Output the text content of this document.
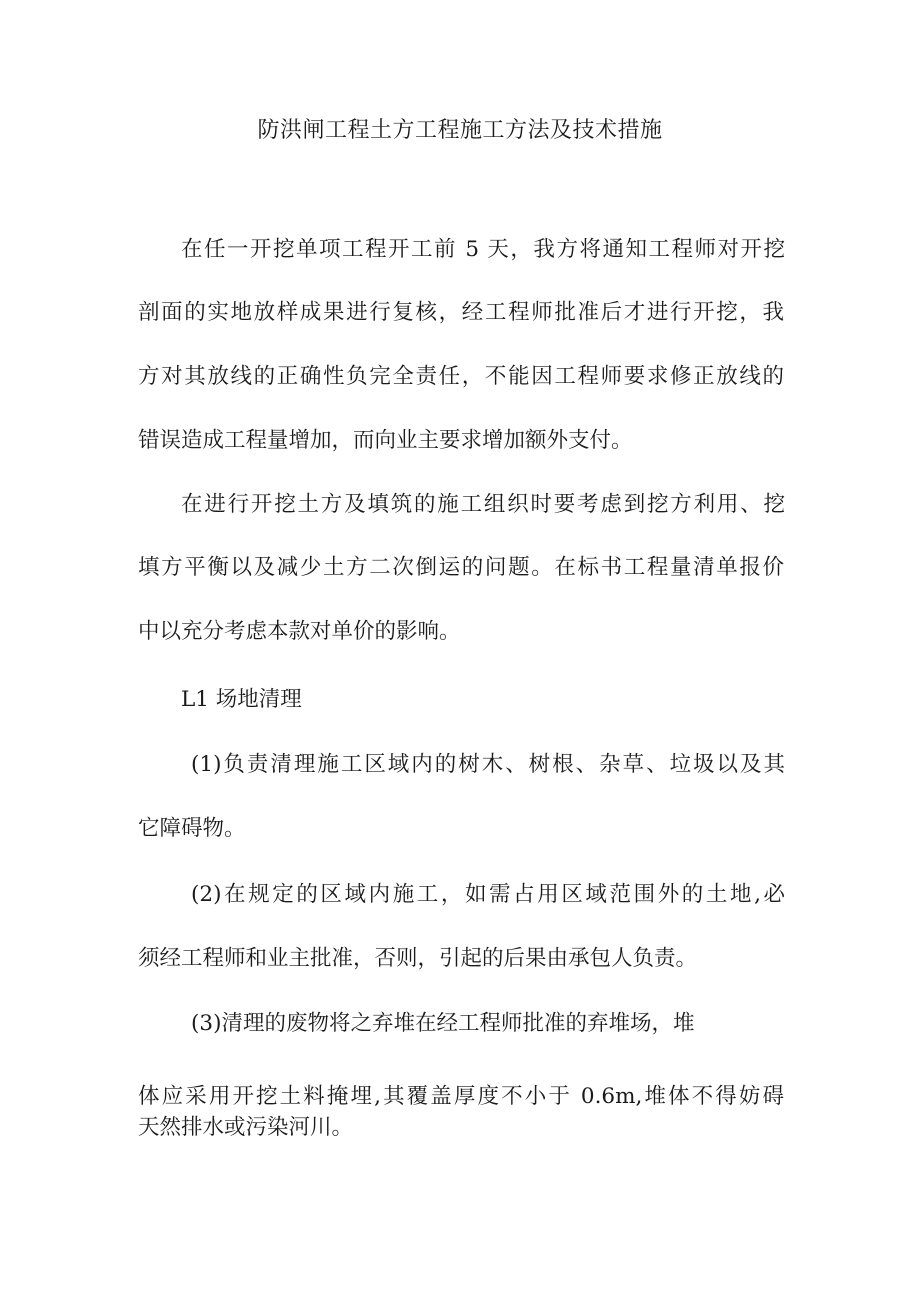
防洪闸工程土方工程施工方法及技术措施
在任一开挖单项工程开工前 5 天，我方将通知工程师对开挖
剖面的实地放样成果进行复核，经工程师批准后才进行开挖，我
方对其放线的正确性负完全责任，不能因工程师要求修正放线的
错误造成工程量增加，而向业主要求增加额外支付。
在进行开挖土方及填筑的施工组织时要考虑到挖方利用、挖
填方平衡以及减少土方二次倒运的问题。在标书工程量清单报价
中以充分考虑本款对单价的影响。
L1 场地清理
(1)负责清理施工区域内的树木、树根、杂草、垃圾以及其
它障碍物。
(2)在规定的区域内施工，如需占用区域范围外的土地,必
须经工程师和业主批准，否则，引起的后果由承包人负责。
(3)清理的废物将之弃堆在经工程师批准的弃堆场，堆
体应采用开挖土料掩埋,其覆盖厚度不小于 0.6m,堆体不得妨碍
天然排水或污染河川。
